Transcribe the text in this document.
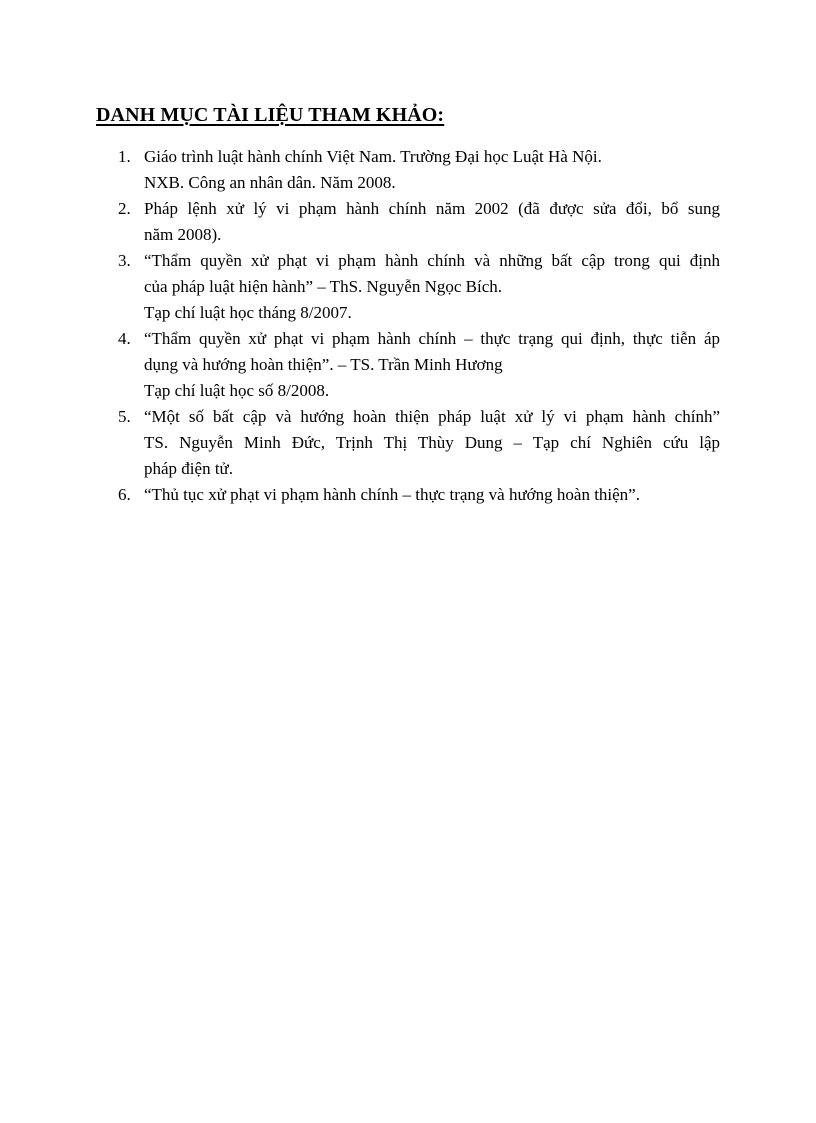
DANH MỤC TÀI LIỆU THAM KHẢO:
1. Giáo trình luật hành chính Việt Nam. Trường Đại học Luật Hà Nội.
NXB. Công an nhân dân. Năm 2008.
2. Pháp lệnh xử lý vi phạm hành chính năm 2002 (đã được sửa đổi, bổ sung
năm 2008).
3. “Thẩm quyền xử phạt vi phạm hành chính và những bất cập trong qui định
của pháp luật hiện hành” – ThS. Nguyễn Ngọc Bích.
Tạp chí luật học tháng 8/2007.
4. “Thẩm quyền xử phạt vi phạm hành chính – thực trạng qui định, thực tiễn áp
dụng và hướng hoàn thiện”. – TS. Trần Minh Hương
Tạp chí luật học số 8/2008.
5. “Một số bất cập và hướng hoàn thiện pháp luật xử lý vi phạm hành chính”
TS. Nguyễn Minh Đức, Trịnh Thị Thùy Dung – Tạp chí Nghiên cứu lập
pháp điện tử.
6. “Thủ tục xử phạt vi phạm hành chính – thực trạng và hướng hoàn thiện”.
